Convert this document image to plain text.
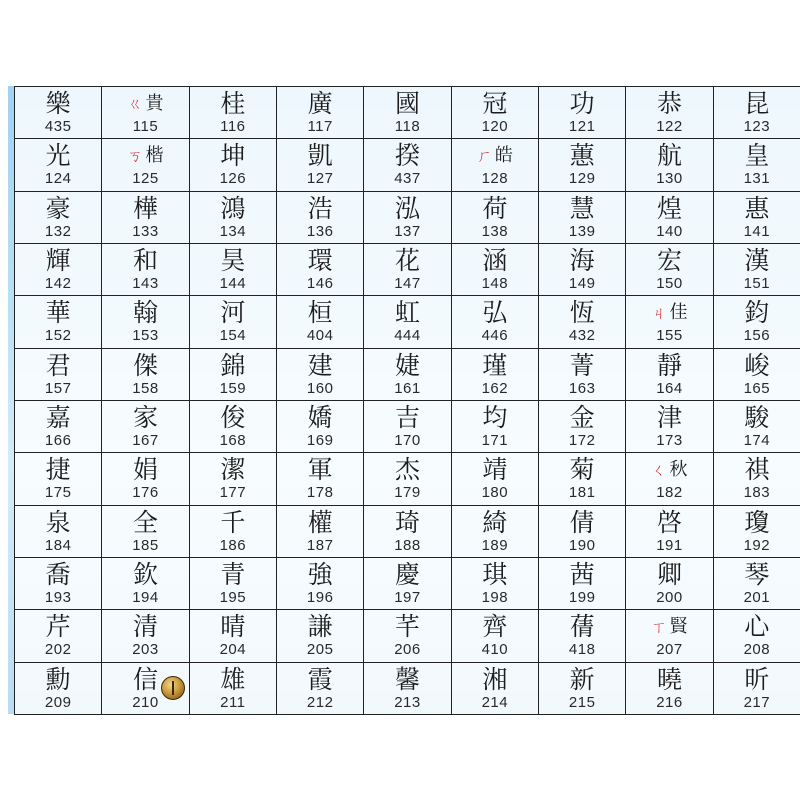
樂
435
ㄍ 貴
115
桂
116
廣
117
國
118
冠
120
功
121
恭
122
昆
123
光
124
ㄎ 楷
125
坤
126
凱
127
揆
437
ㄏ 皓
128
蕙
129
航
130
皇
131
豪
132
樺
133
鴻
134
浩
136
泓
137
荷
138
慧
139
煌
140
惠
141
輝
142
和
143
昊
144
環
146
花
147
涵
148
海
149
宏
150
漢
151
華
152
翰
153
河
154
桓
404
虹
444
弘
446
恆
432
ㄐ 佳
155
鈞
156
君
157
傑
158
錦
159
建
160
婕
161
瑾
162
菁
163
靜
164
峻
165
嘉
166
家
167
俊
168
嬌
169
吉
170
均
171
金
172
津
173
駿
174
捷
175
娟
176
潔
177
軍
178
杰
179
靖
180
菊
181
ㄑ 秋
182
祺
183
泉
184
全
185
千
186
權
187
琦
188
綺
189
倩
190
啓
191
瓊
192
喬
193
欽
194
青
195
強
196
慶
197
琪
198
茜
199
卿
200
琴
201
芹
202
清
203
晴
204
謙
205
芊
206
齊
410
蒨
418
ㄒ 賢
207
心
208
勳
209
信
210
雄
211
霞
212
馨
213
湘
214
新
215
曉
216
昕
217
